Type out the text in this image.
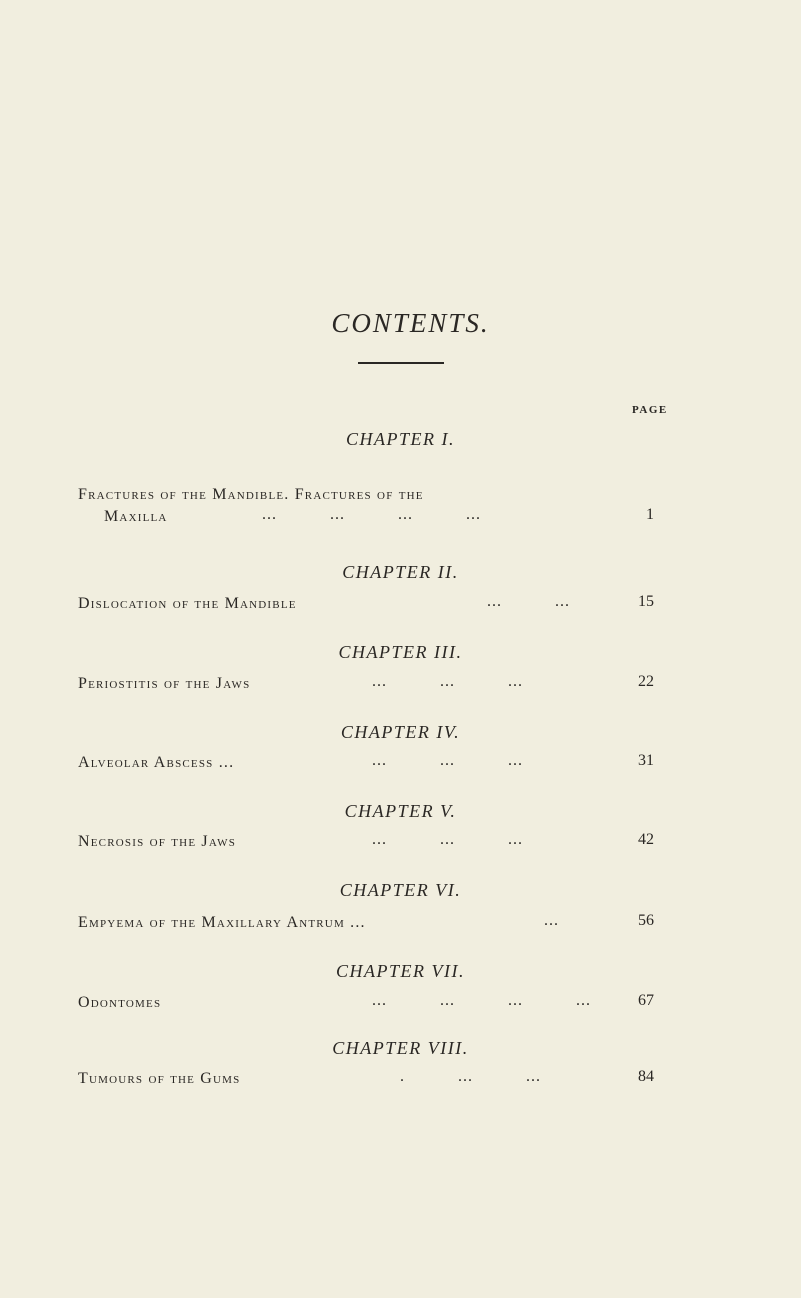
CONTENTS.
PAGE
CHAPTER I.
Fractures of the Mandible. Fractures of the
Maxilla	... ... ... ...	1
CHAPTER II.
Dislocation of the Mandible	... ...	15
CHAPTER III.
Periostitis of the Jaws	... ... ...	22
CHAPTER IV.
Alveolar Abscess ...	... ... ...	31
CHAPTER V.
Necrosis of the Jaws	... ... ...	42
CHAPTER VI.
Empyema of the Maxillary Antrum ...	...	56
CHAPTER VII.
Odontomes	... ... ... ...	67
CHAPTER VIII.
Tumours of the Gums	. ... ...	84
